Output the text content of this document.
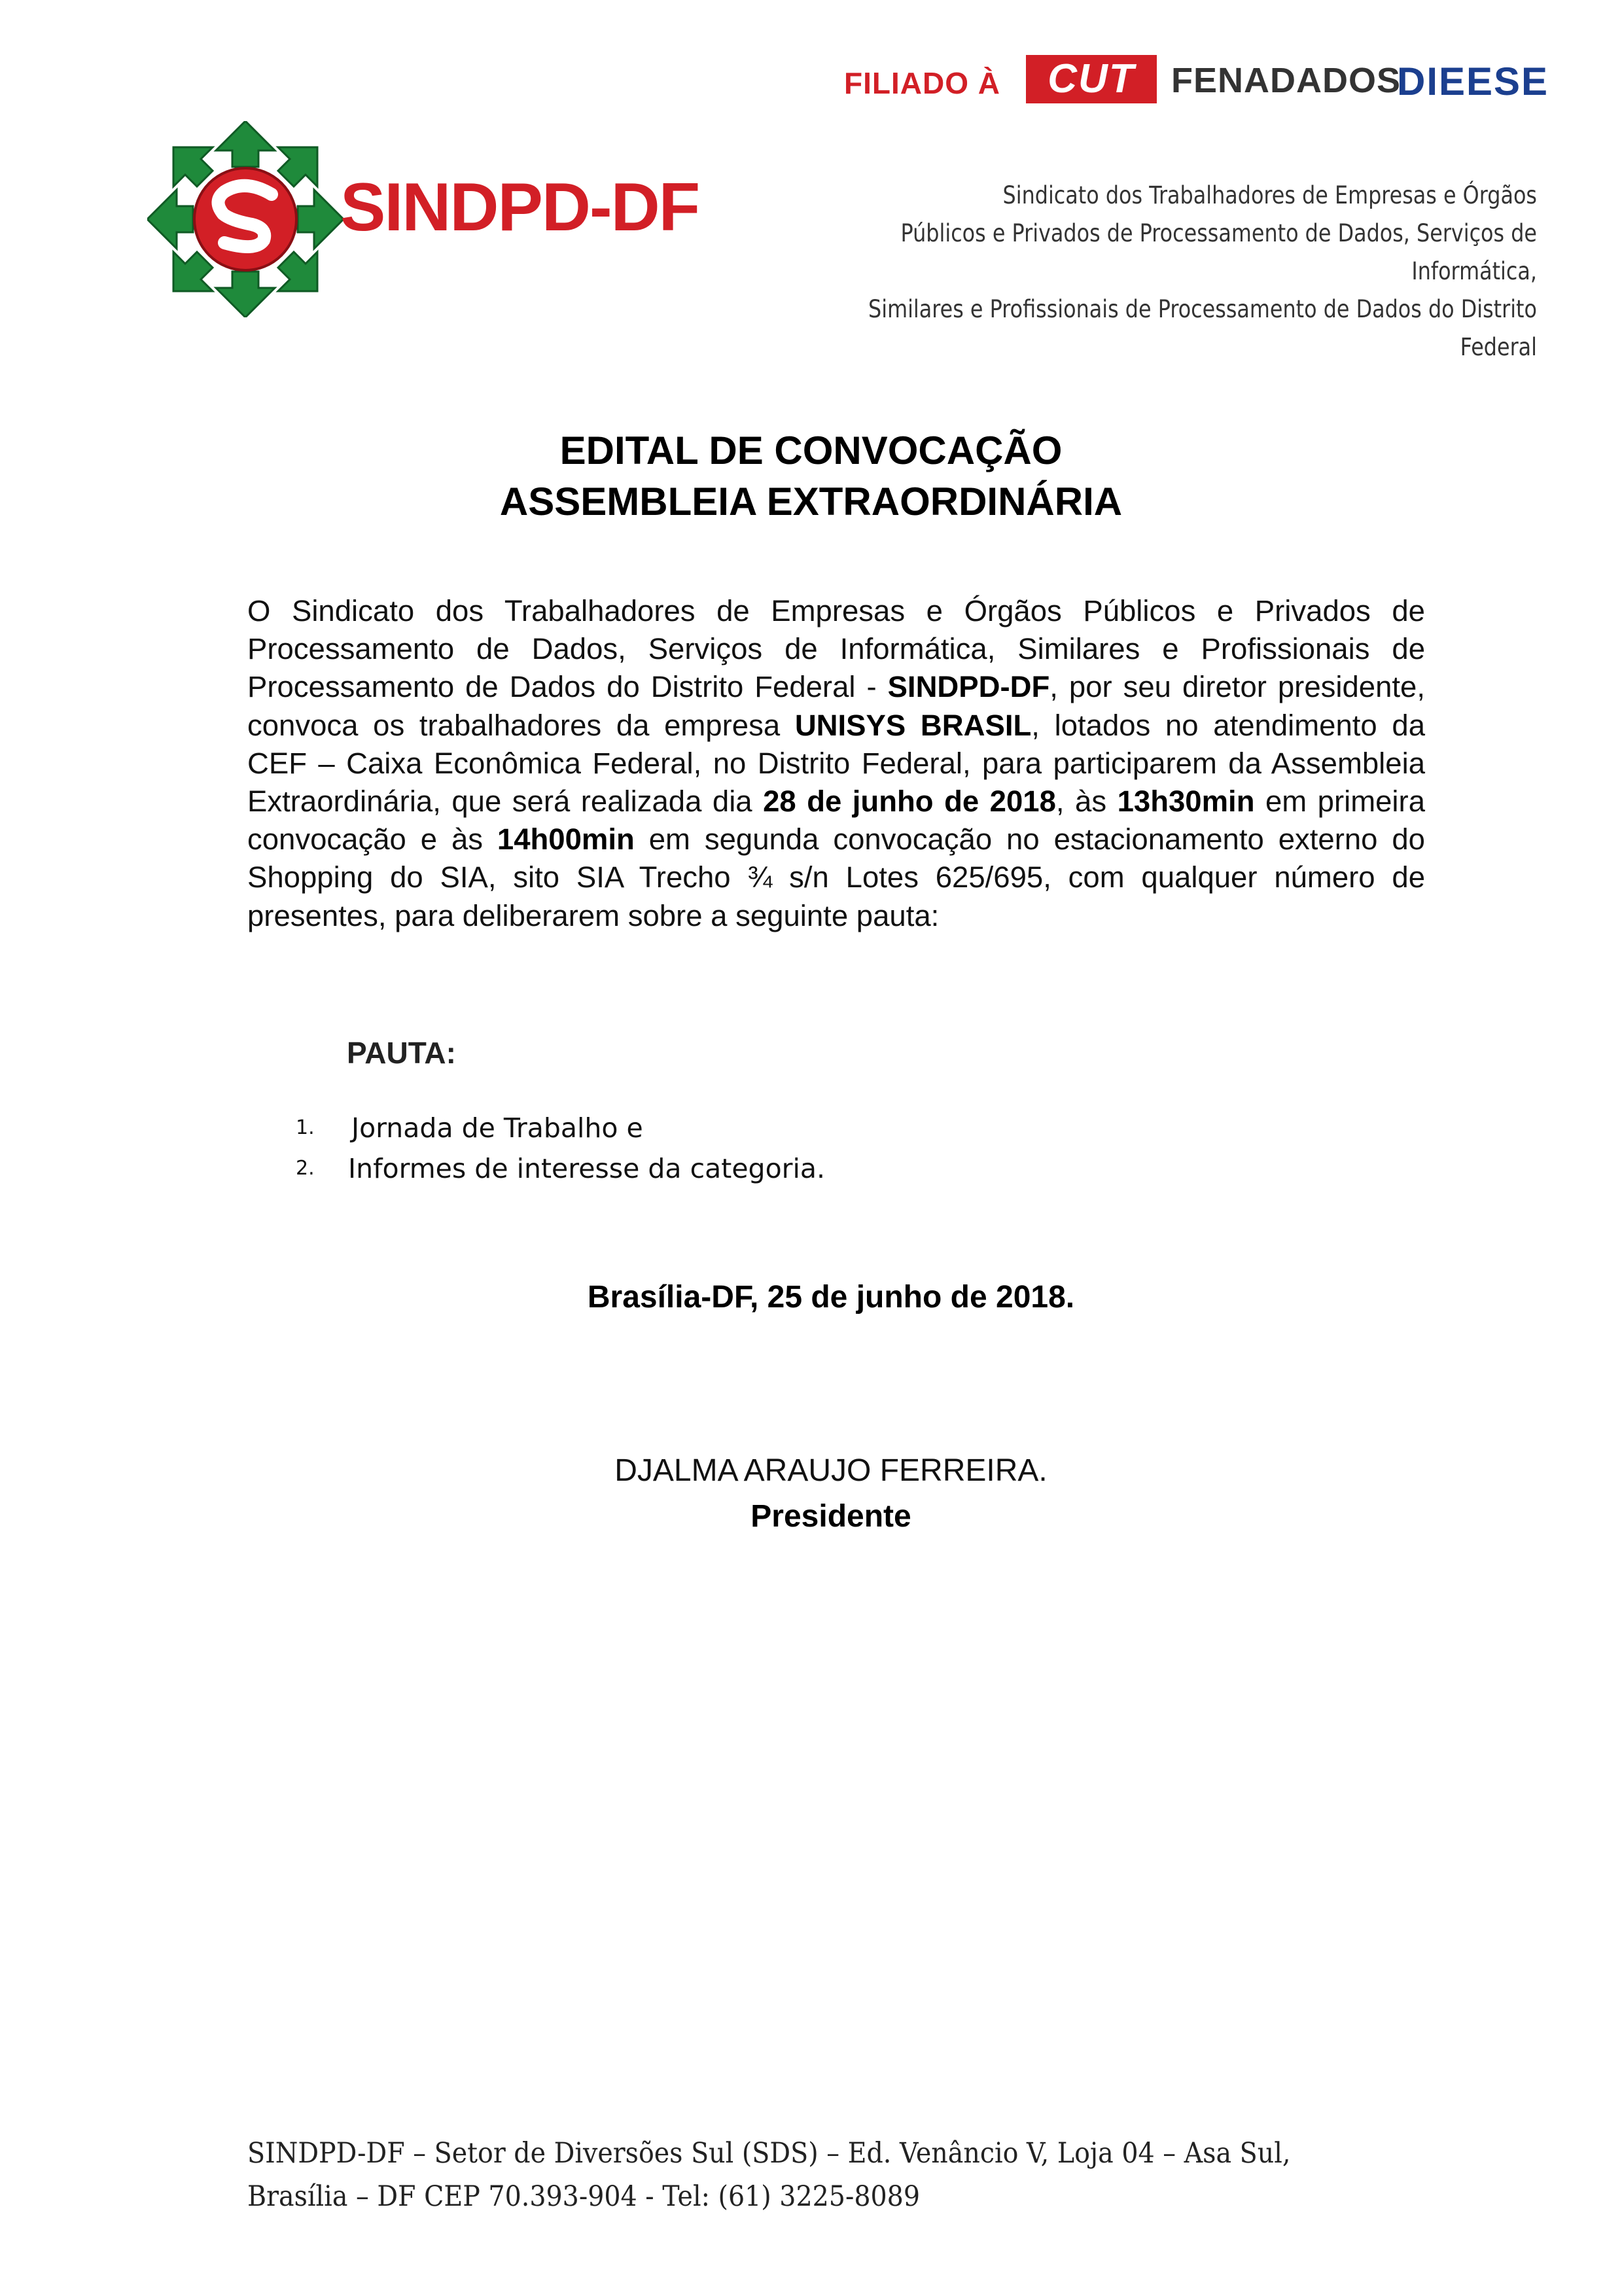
FILIADO À	CUT	FENADADOS
DIEESE
SINDPD-DF	Sindicato dos Trabalhadores de Empresas e Órgãos
Públicos e Privados de Processamento de Dados, Serviços de Informática,
Similares e Profissionais de Processamento de Dados do Distrito Federal
EDITAL DE CONVOCAÇÃO
ASSEMBLEIA EXTRAORDINÁRIA
O Sindicato dos Trabalhadores de Empresas e Órgãos Públicos e Privados de Processamento de Dados, Serviços de Informática, Similares e Profissionais de Processamento de Dados do Distrito Federal - SINDPD-DF, por seu diretor presidente, convoca os trabalhadores da empresa UNISYS BRASIL, lotados no atendimento da CEF – Caixa Econômica Federal, no Distrito Federal, para participarem da Assembleia Extraordinária, que será realizada dia 28 de junho de 2018, às 13h30min em primeira convocação e às 14h00min em segunda convocação no estacionamento externo do Shopping do SIA, sito SIA Trecho ¾ s/n Lotes 625/695, com qualquer número de presentes, para deliberarem sobre a seguinte pauta:
PAUTA:
1. Jornada de Trabalho e
2. Informes de interesse da categoria.
Brasília-DF, 25 de junho de 2018.
DJALMA ARAUJO FERREIRA.
Presidente
SINDPD-DF – Setor de Diversões Sul (SDS) – Ed. Venâncio V, Loja 04 – Asa Sul,
Brasília – DF CEP 70.393-904 - Tel: (61) 3225-8089
